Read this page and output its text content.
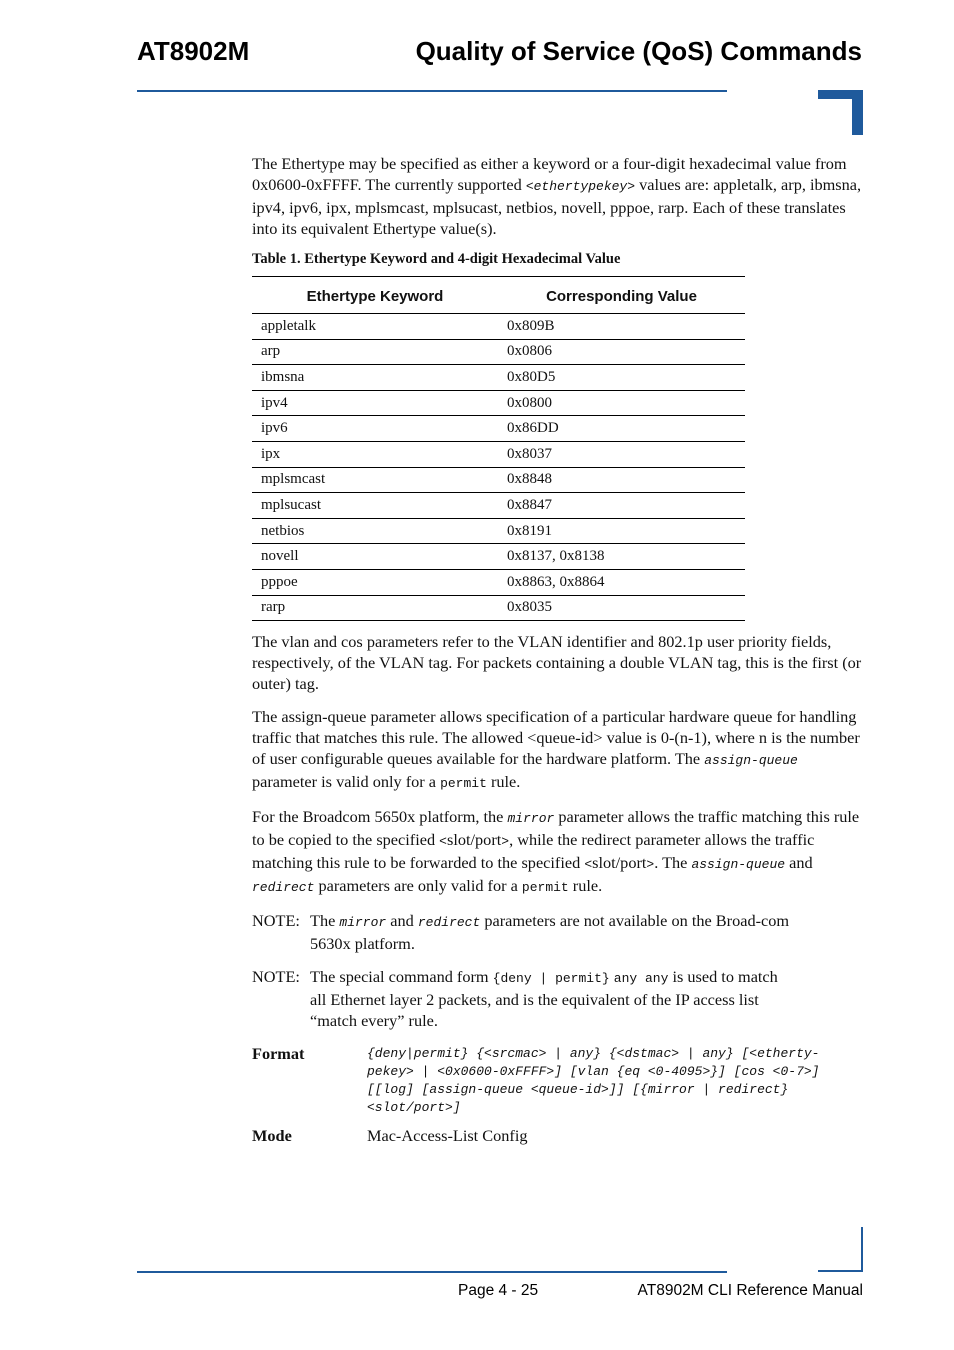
AT8902M	Quality of Service (QoS) Commands

The Ethertype may be specified as either a keyword or a four-digit hexadecimal value from 0x0600-0xFFFF. The currently supported <ethertypekey> values are: appletalk, arp, ibmsna, ipv4, ipv6, ipx, mplsmcast, mplsucast, netbios, novell, pppoe, rarp. Each of these translates into its equivalent Ethertype value(s).

Table 1. Ethertype Keyword and 4-digit Hexadecimal Value
Ethertype Keyword	Corresponding Value
appletalk	0x809B
arp	0x0806
ibmsna	0x80D5
ipv4	0x0800
ipv6	0x86DD
ipx	0x8037
mplsmcast	0x8848
mplsucast	0x8847
netbios	0x8191
novell	0x8137, 0x8138
pppoe	0x8863, 0x8864
rarp	0x8035

The vlan and cos parameters refer to the VLAN identifier and 802.1p user priority fields, respectively, of the VLAN tag. For packets containing a double VLAN tag, this is the first (or outer) tag.

The assign-queue parameter allows specification of a particular hardware queue for handling traffic that matches this rule. The allowed <queue-id> value is 0-(n-1), where n is the number of user configurable queues available for the hardware platform. The assign-queue parameter is valid only for a permit rule.

For the Broadcom 5650x platform, the mirror parameter allows the traffic matching this rule to be copied to the specified <slot/port>, while the redirect parameter allows the traffic matching this rule to be forwarded to the specified <slot/port>. The assign-queue and redirect parameters are only valid for a permit rule.

NOTE: The mirror and redirect parameters are not available on the Broad-com 5630x platform.
NOTE: The special command form {deny | permit} any any is used to match all Ethernet layer 2 packets, and is the equivalent of the IP access list “match every” rule.
Format	{deny|permit} {<srcmac> | any} {<dstmac> | any} [<etherty-pekey> | <0x0600-0xFFFF>] [vlan {eq <0-4095>}] [cos <0-7>] [[log] [assign-queue <queue-id>]] [{mirror | redirect} <slot/port>]
Mode	Mac-Access-List Config
Page 4 - 25	AT8902M CLI Reference Manual
